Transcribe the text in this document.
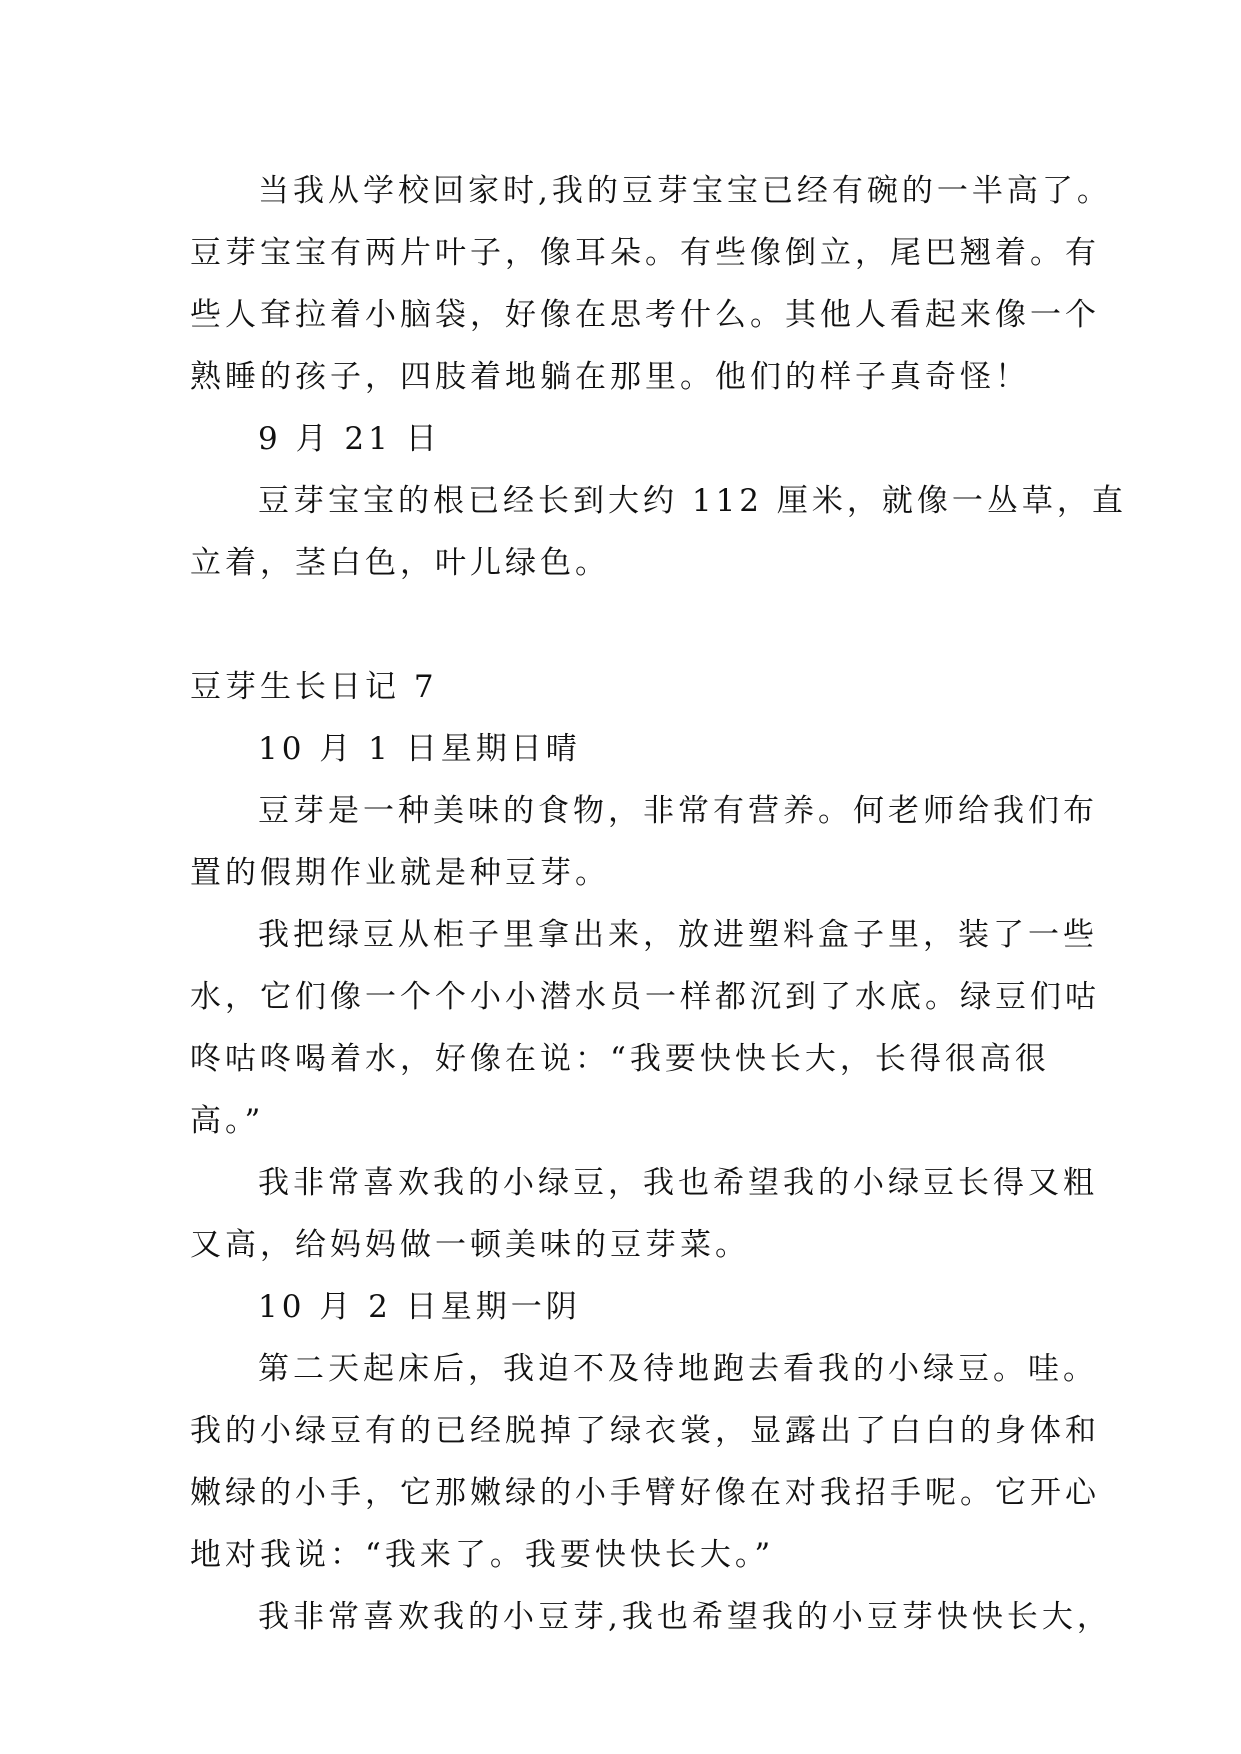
当我从学校回家时,我的豆芽宝宝已经有碗的一半高了。
豆芽宝宝有两片叶子，像耳朵。有些像倒立，尾巴翘着。有
些人耷拉着小脑袋，好像在思考什么。其他人看起来像一个
熟睡的孩子，四肢着地躺在那里。他们的样子真奇怪！
9 月 21 日
豆芽宝宝的根已经长到大约 112 厘米，就像一丛草，直
立着，茎白色，叶儿绿色。
豆芽生长日记 7
10 月 1 日星期日晴
豆芽是一种美味的食物，非常有营养。何老师给我们布
置的假期作业就是种豆芽。
我把绿豆从柜子里拿出来，放进塑料盒子里，装了一些
水，它们像一个个小小潜水员一样都沉到了水底。绿豆们咕
咚咕咚喝着水，好像在说：“我要快快长大，长得很高很
高。”
我非常喜欢我的小绿豆，我也希望我的小绿豆长得又粗
又高，给妈妈做一顿美味的豆芽菜。
10 月 2 日星期一阴
第二天起床后，我迫不及待地跑去看我的小绿豆。哇。
我的小绿豆有的已经脱掉了绿衣裳，显露出了白白的身体和
嫩绿的小手，它那嫩绿的小手臂好像在对我招手呢。它开心
地对我说：“我来了。我要快快长大。”
我非常喜欢我的小豆芽,我也希望我的小豆芽快快长大，
